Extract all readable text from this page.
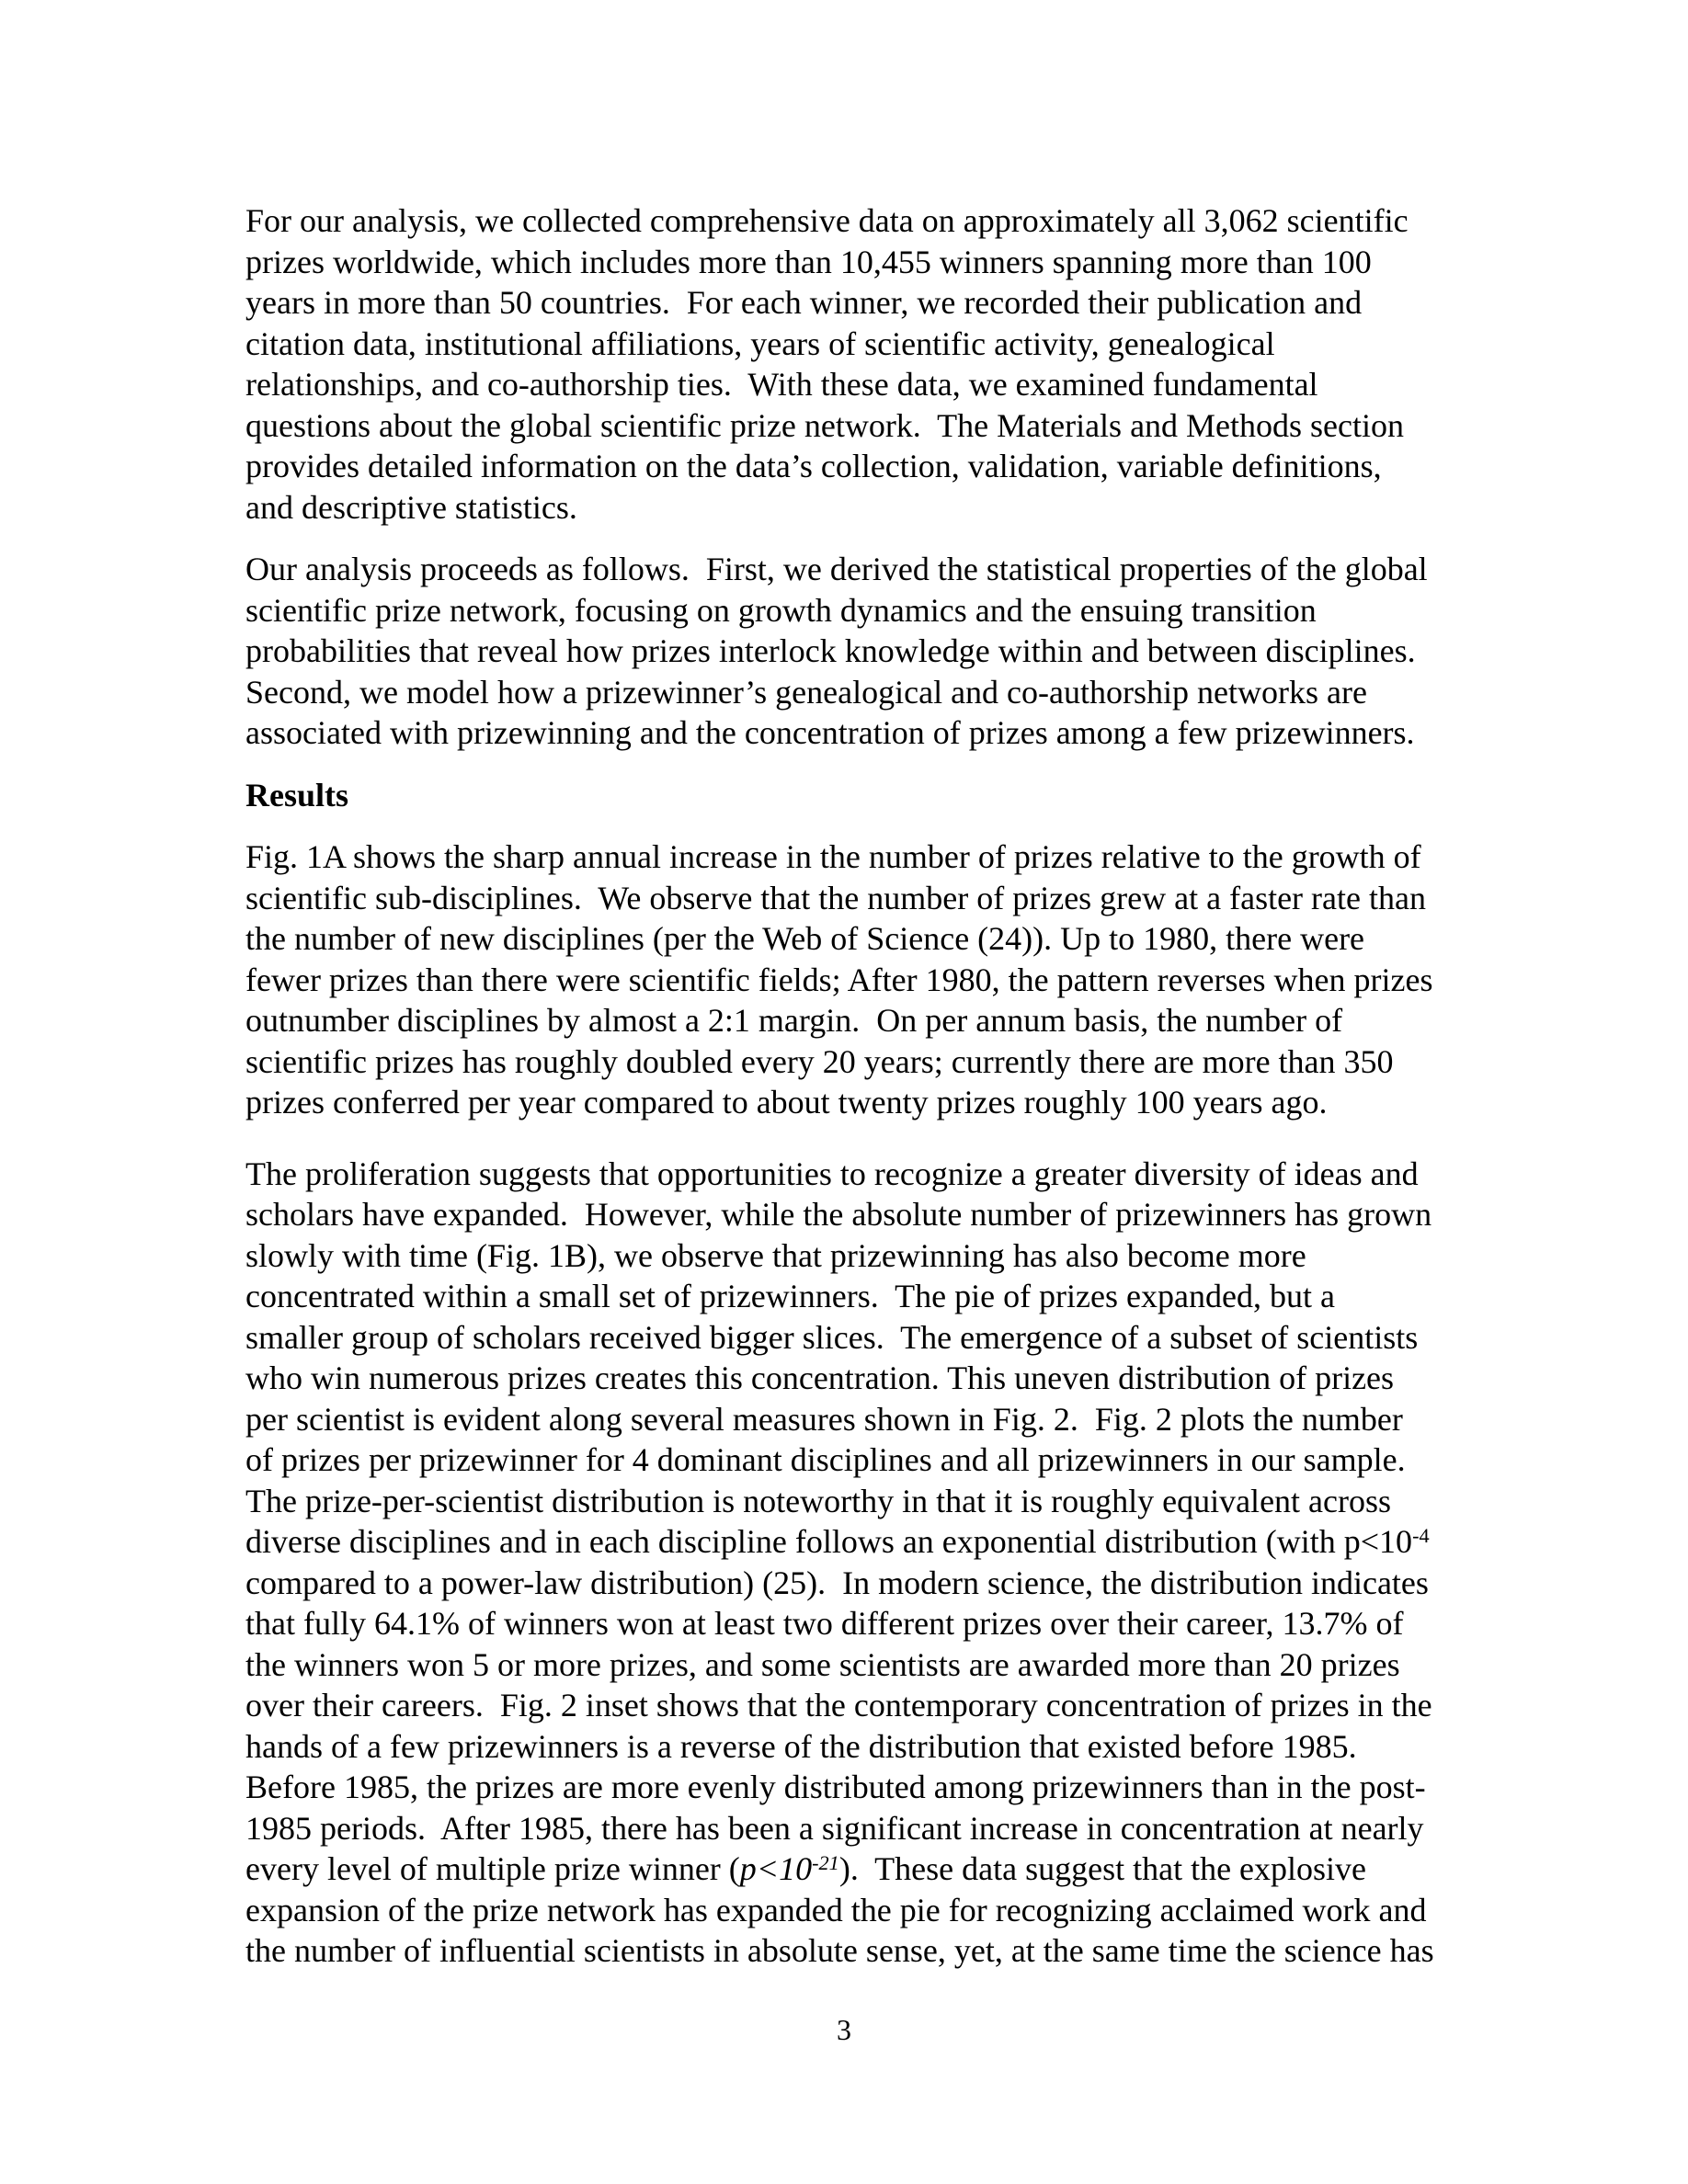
For our analysis, we collected comprehensive data on approximately all 3,062 scientific
prizes worldwide, which includes more than 10,455 winners spanning more than 100
years in more than 50 countries.  For each winner, we recorded their publication and
citation data, institutional affiliations, years of scientific activity, genealogical
relationships, and co-authorship ties.  With these data, we examined fundamental
questions about the global scientific prize network.  The Materials and Methods section
provides detailed information on the data’s collection, validation, variable definitions,
and descriptive statistics.
Our analysis proceeds as follows.  First, we derived the statistical properties of the global
scientific prize network, focusing on growth dynamics and the ensuing transition
probabilities that reveal how prizes interlock knowledge within and between disciplines.
Second, we model how a prizewinner’s genealogical and co-authorship networks are
associated with prizewinning and the concentration of prizes among a few prizewinners.
Results
Fig. 1A shows the sharp annual increase in the number of prizes relative to the growth of
scientific sub-disciplines.  We observe that the number of prizes grew at a faster rate than
the number of new disciplines (per the Web of Science (24)). Up to 1980, there were
fewer prizes than there were scientific fields; After 1980, the pattern reverses when prizes
outnumber disciplines by almost a 2:1 margin.  On per annum basis, the number of
scientific prizes has roughly doubled every 20 years; currently there are more than 350
prizes conferred per year compared to about twenty prizes roughly 100 years ago.
The proliferation suggests that opportunities to recognize a greater diversity of ideas and
scholars have expanded.  However, while the absolute number of prizewinners has grown
slowly with time (Fig. 1B), we observe that prizewinning has also become more
concentrated within a small set of prizewinners.  The pie of prizes expanded, but a
smaller group of scholars received bigger slices.  The emergence of a subset of scientists
who win numerous prizes creates this concentration. This uneven distribution of prizes
per scientist is evident along several measures shown in Fig. 2.  Fig. 2 plots the number
of prizes per prizewinner for 4 dominant disciplines and all prizewinners in our sample.
The prize-per-scientist distribution is noteworthy in that it is roughly equivalent across
diverse disciplines and in each discipline follows an exponential distribution (with $p<10^{-4}$
compared to a power-law distribution) (25).  In modern science, the distribution indicates
that fully 64.1% of winners won at least two different prizes over their career, 13.7% of
the winners won 5 or more prizes, and some scientists are awarded more than 20 prizes
over their careers.  Fig. 2 inset shows that the contemporary concentration of prizes in the
hands of a few prizewinners is a reverse of the distribution that existed before 1985.
Before 1985, the prizes are more evenly distributed among prizewinners than in the post-
1985 periods.  After 1985, there has been a significant increase in concentration at nearly
every level of multiple prize winner $(p<10^{-21})$.  These data suggest that the explosive
expansion of the prize network has expanded the pie for recognizing acclaimed work and
the number of influential scientists in absolute sense, yet, at the same time the science has
3
